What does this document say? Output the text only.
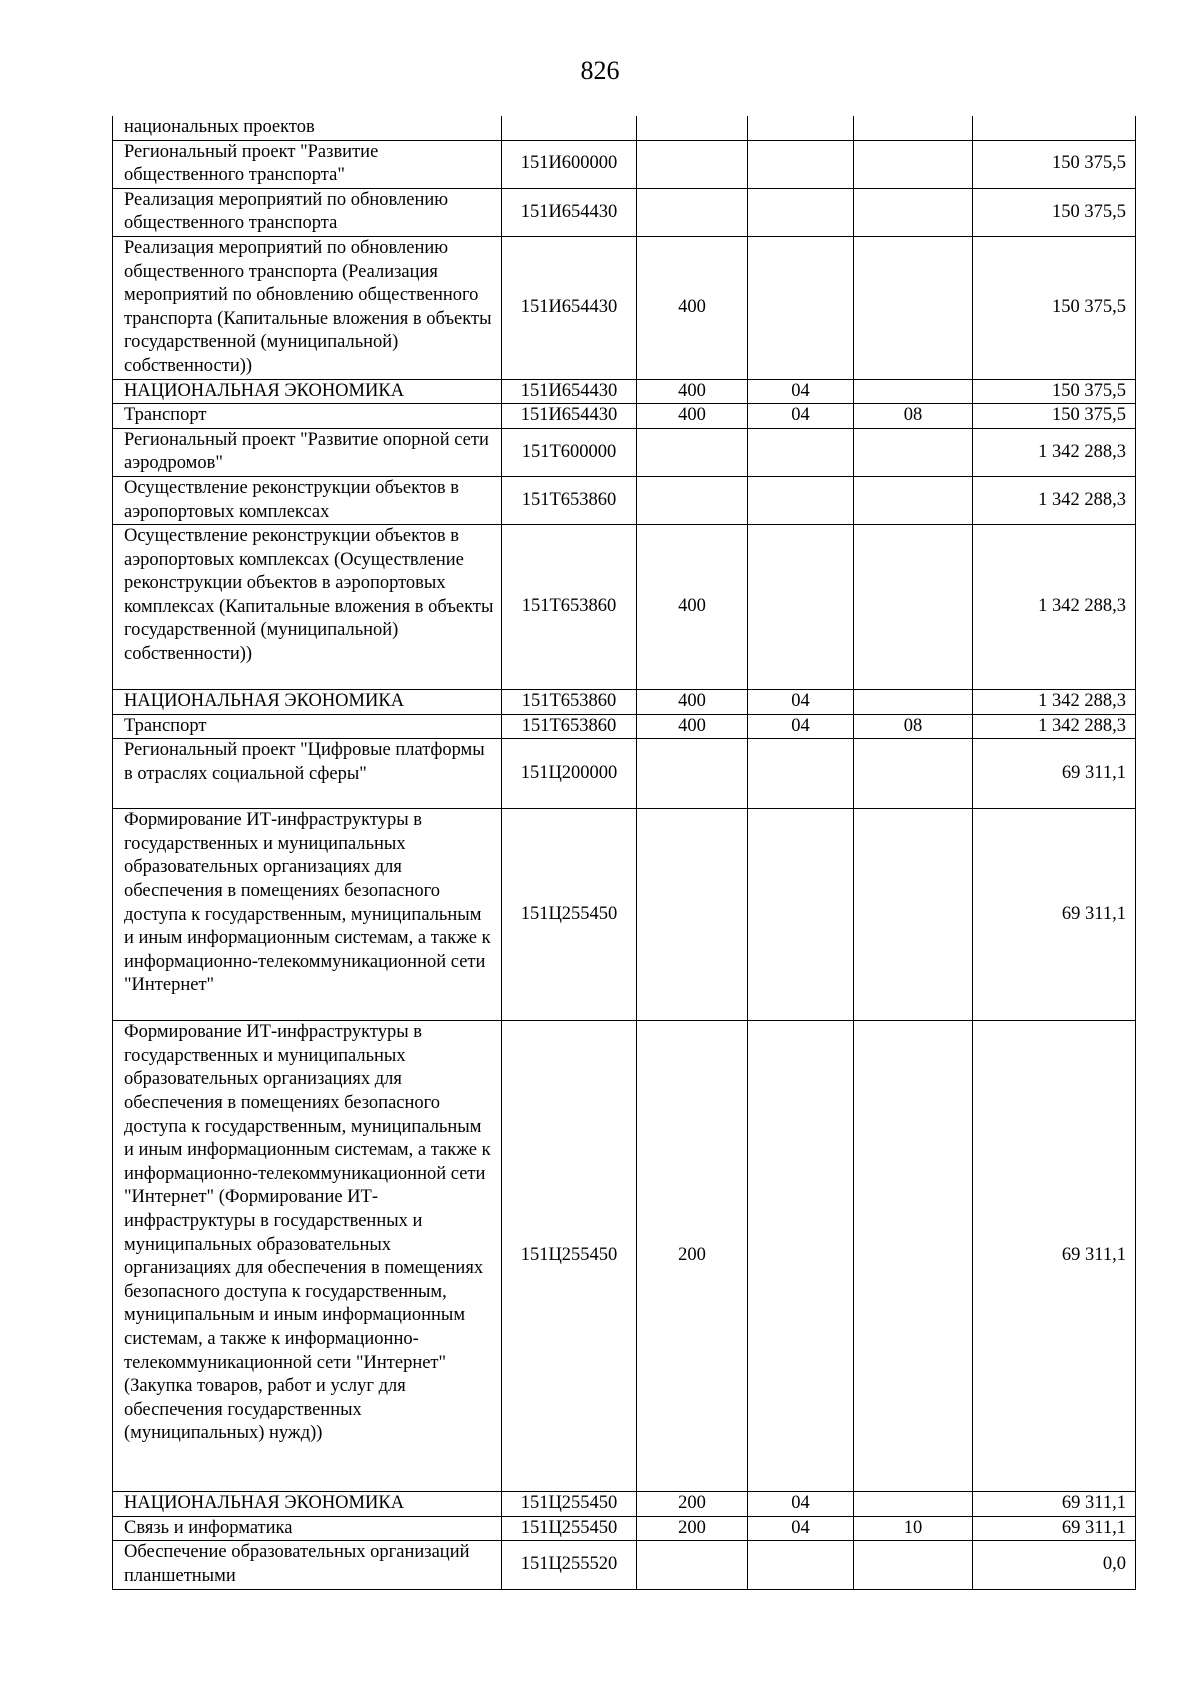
826
национальных проектов					
Региональный проект "Развитие общественного транспорта"	151И600000				150 375,5
Реализация мероприятий по обновлению общественного транспорта	151И654430				150 375,5
Реализация мероприятий по обновлению общественного транспорта (Реализация мероприятий по обновлению общественного транспорта (Капитальные вложения в объекты государственной (муниципальной) собственности))	151И654430	400			150 375,5
НАЦИОНАЛЬНАЯ ЭКОНОМИКА	151И654430	400	04		150 375,5
Транспорт	151И654430	400	04	08	150 375,5
Региональный проект "Развитие опорной сети аэродромов"	151Т600000				1 342 288,3
Осуществление реконструкции объектов в аэропортовых комплексах	151Т653860				1 342 288,3
Осуществление реконструкции объектов в аэропортовых комплексах (Осуществление реконструкции объектов в аэропортовых комплексах (Капитальные вложения в объекты государственной (муниципальной) собственности))	151Т653860	400			1 342 288,3
НАЦИОНАЛЬНАЯ ЭКОНОМИКА	151Т653860	400	04		1 342 288,3
Транспорт	151Т653860	400	04	08	1 342 288,3
Региональный проект "Цифровые платформы в отраслях социальной сферы"	151Ц200000				69 311,1
Формирование ИТ-инфраструктуры в государственных и муниципальных образовательных организациях для обеспечения в помещениях безопасного доступа к государственным, муниципальным и иным информационным системам, а также к информационно-телекоммуникационной сети "Интернет"	151Ц255450				69 311,1
Формирование ИТ-инфраструктуры в государственных и муниципальных образовательных организациях для обеспечения в помещениях безопасного доступа к государственным, муниципальным и иным информационным системам, а также к информационно-телекоммуникационной сети "Интернет" (Формирование ИТ-инфраструктуры в государственных и муниципальных образовательных организациях для обеспечения в помещениях безопасного доступа к государственным, муниципальным и иным информационным системам, а также к информационно-телекоммуникационной сети "Интернет" (Закупка товаров, работ и услуг для обеспечения государственных (муниципальных) нужд))	151Ц255450	200			69 311,1
НАЦИОНАЛЬНАЯ ЭКОНОМИКА	151Ц255450	200	04		69 311,1
Связь и информатика	151Ц255450	200	04	10	69 311,1
Обеспечение образовательных организаций планшетными	151Ц255520				0,0
